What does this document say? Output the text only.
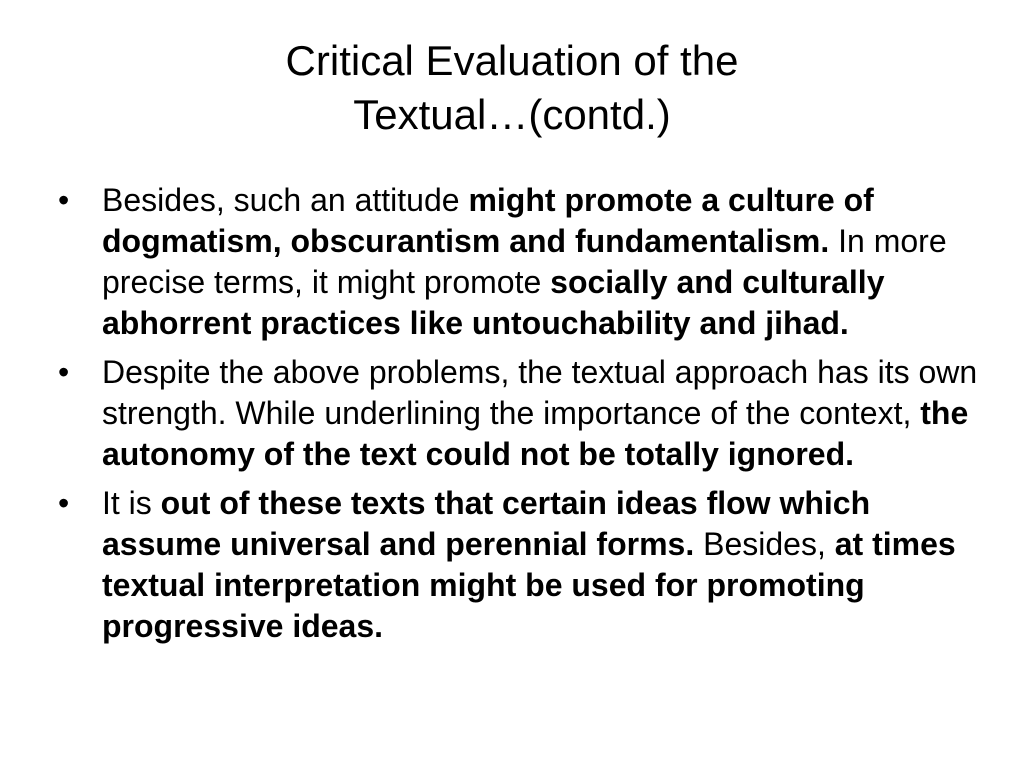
Critical Evaluation of the
Textual…(contd.)
•	Besides, such an attitude might promote a culture of dogmatism, obscurantism and fundamentalism. In more precise terms, it might promote socially and culturally abhorrent practices like untouchability and jihad.
•	Despite the above problems, the textual approach has its own strength. While underlining the importance of the context, the autonomy of the text could not be totally ignored.
•	It is out of these texts that certain ideas flow which assume universal and perennial forms. Besides, at times textual interpretation might be used for promoting progressive ideas.
